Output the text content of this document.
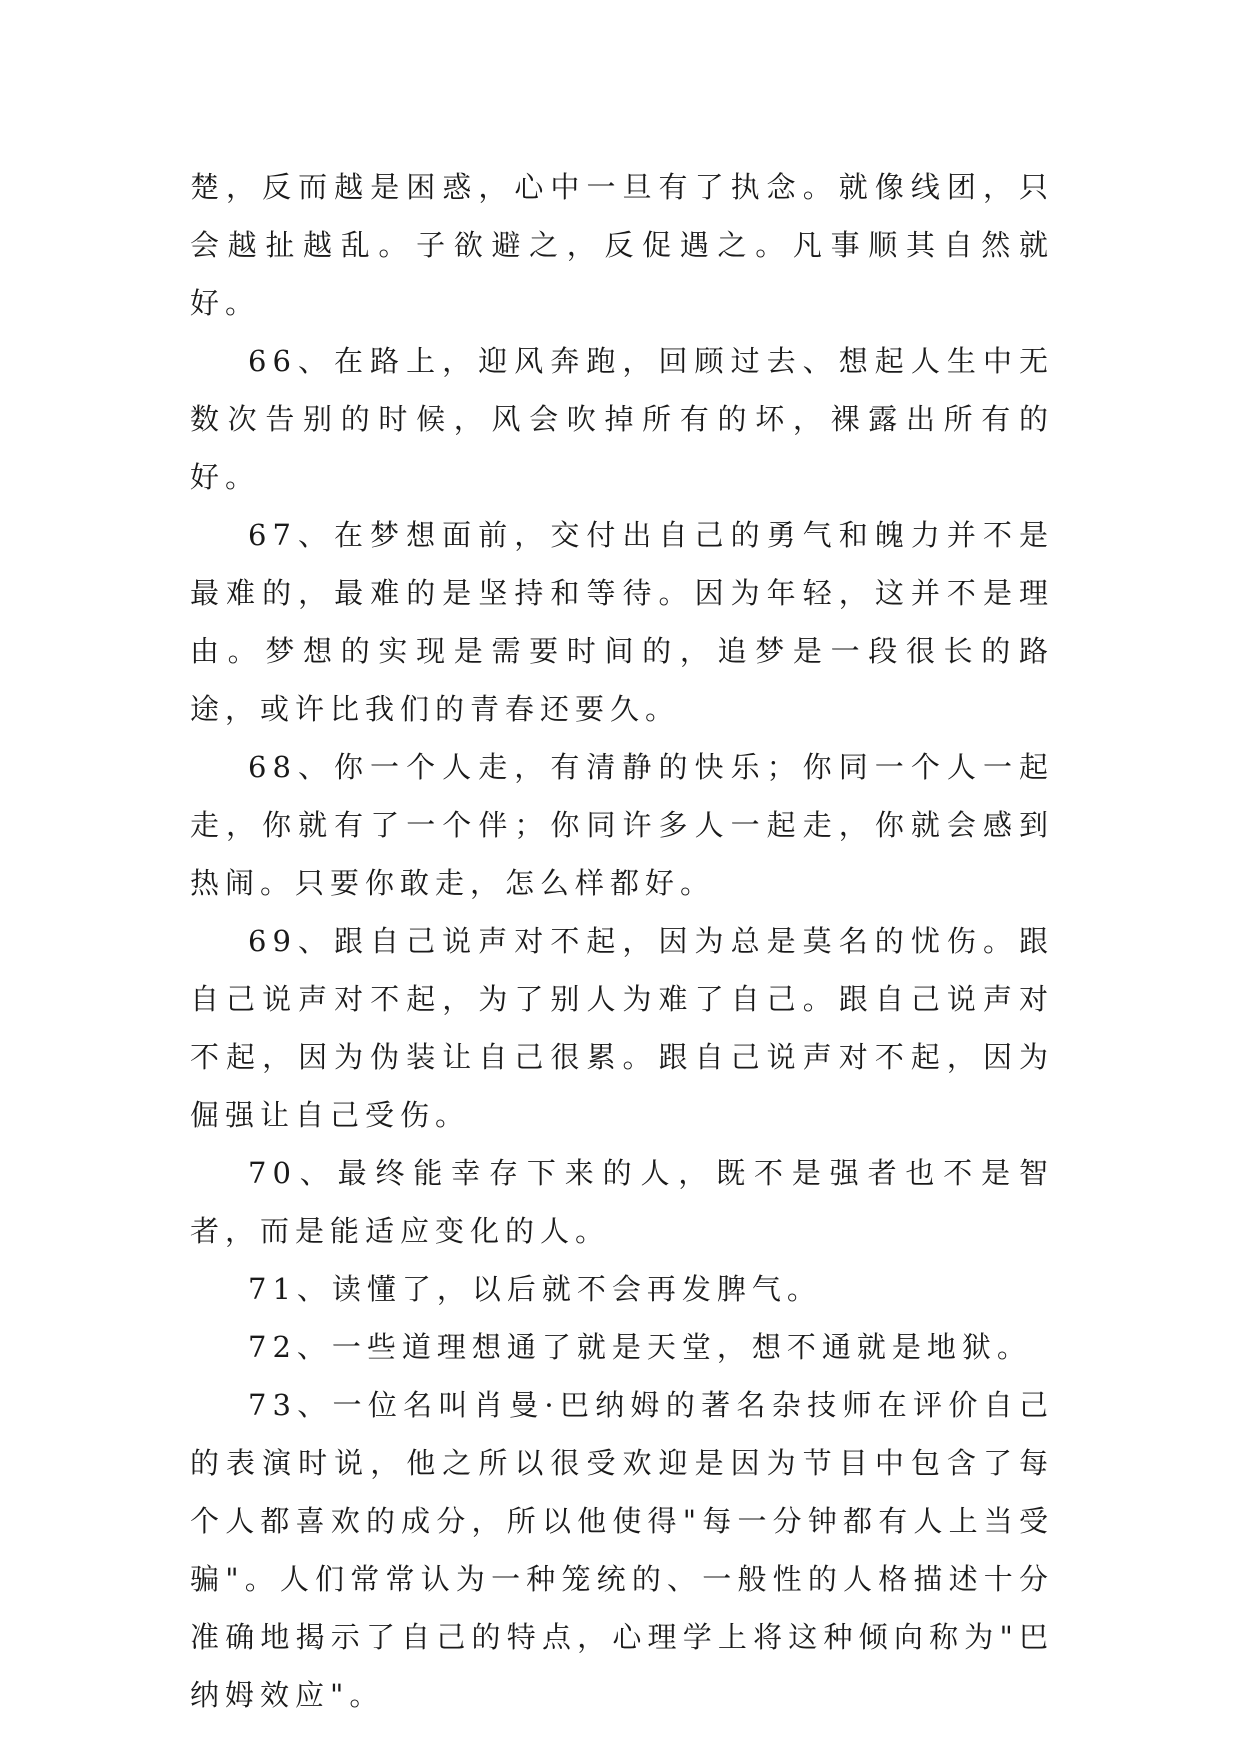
楚，反而越是困惑，心中一旦有了执念。就像线团，只会越扯越乱。子欲避之，反促遇之。凡事顺其自然就好。

66、在路上，迎风奔跑，回顾过去、想起人生中无数次告别的时候，风会吹掉所有的坏，裸露出所有的好。

67、在梦想面前，交付出自己的勇气和魄力并不是最难的，最难的是坚持和等待。因为年轻，这并不是理由。梦想的实现是需要时间的，追梦是一段很长的路途，或许比我们的青春还要久。

68、你一个人走，有清静的快乐；你同一个人一起走，你就有了一个伴；你同许多人一起走，你就会感到热闹。只要你敢走，怎么样都好。

69、跟自己说声对不起，因为总是莫名的忧伤。跟自己说声对不起，为了别人为难了自己。跟自己说声对不起，因为伪装让自己很累。跟自己说声对不起，因为倔强让自己受伤。

70、最终能幸存下来的人，既不是强者也不是智者，而是能适应变化的人。

71、读懂了，以后就不会再发脾气。

72、一些道理想通了就是天堂，想不通就是地狱。

73、一位名叫肖曼·巴纳姆的著名杂技师在评价自己的表演时说，他之所以很受欢迎是因为节目中包含了每个人都喜欢的成分，所以他使得"每一分钟都有人上当受骗"。人们常常认为一种笼统的、一般性的人格描述十分准确地揭示了自己的特点，心理学上将这种倾向称为"巴纳姆效应"。
